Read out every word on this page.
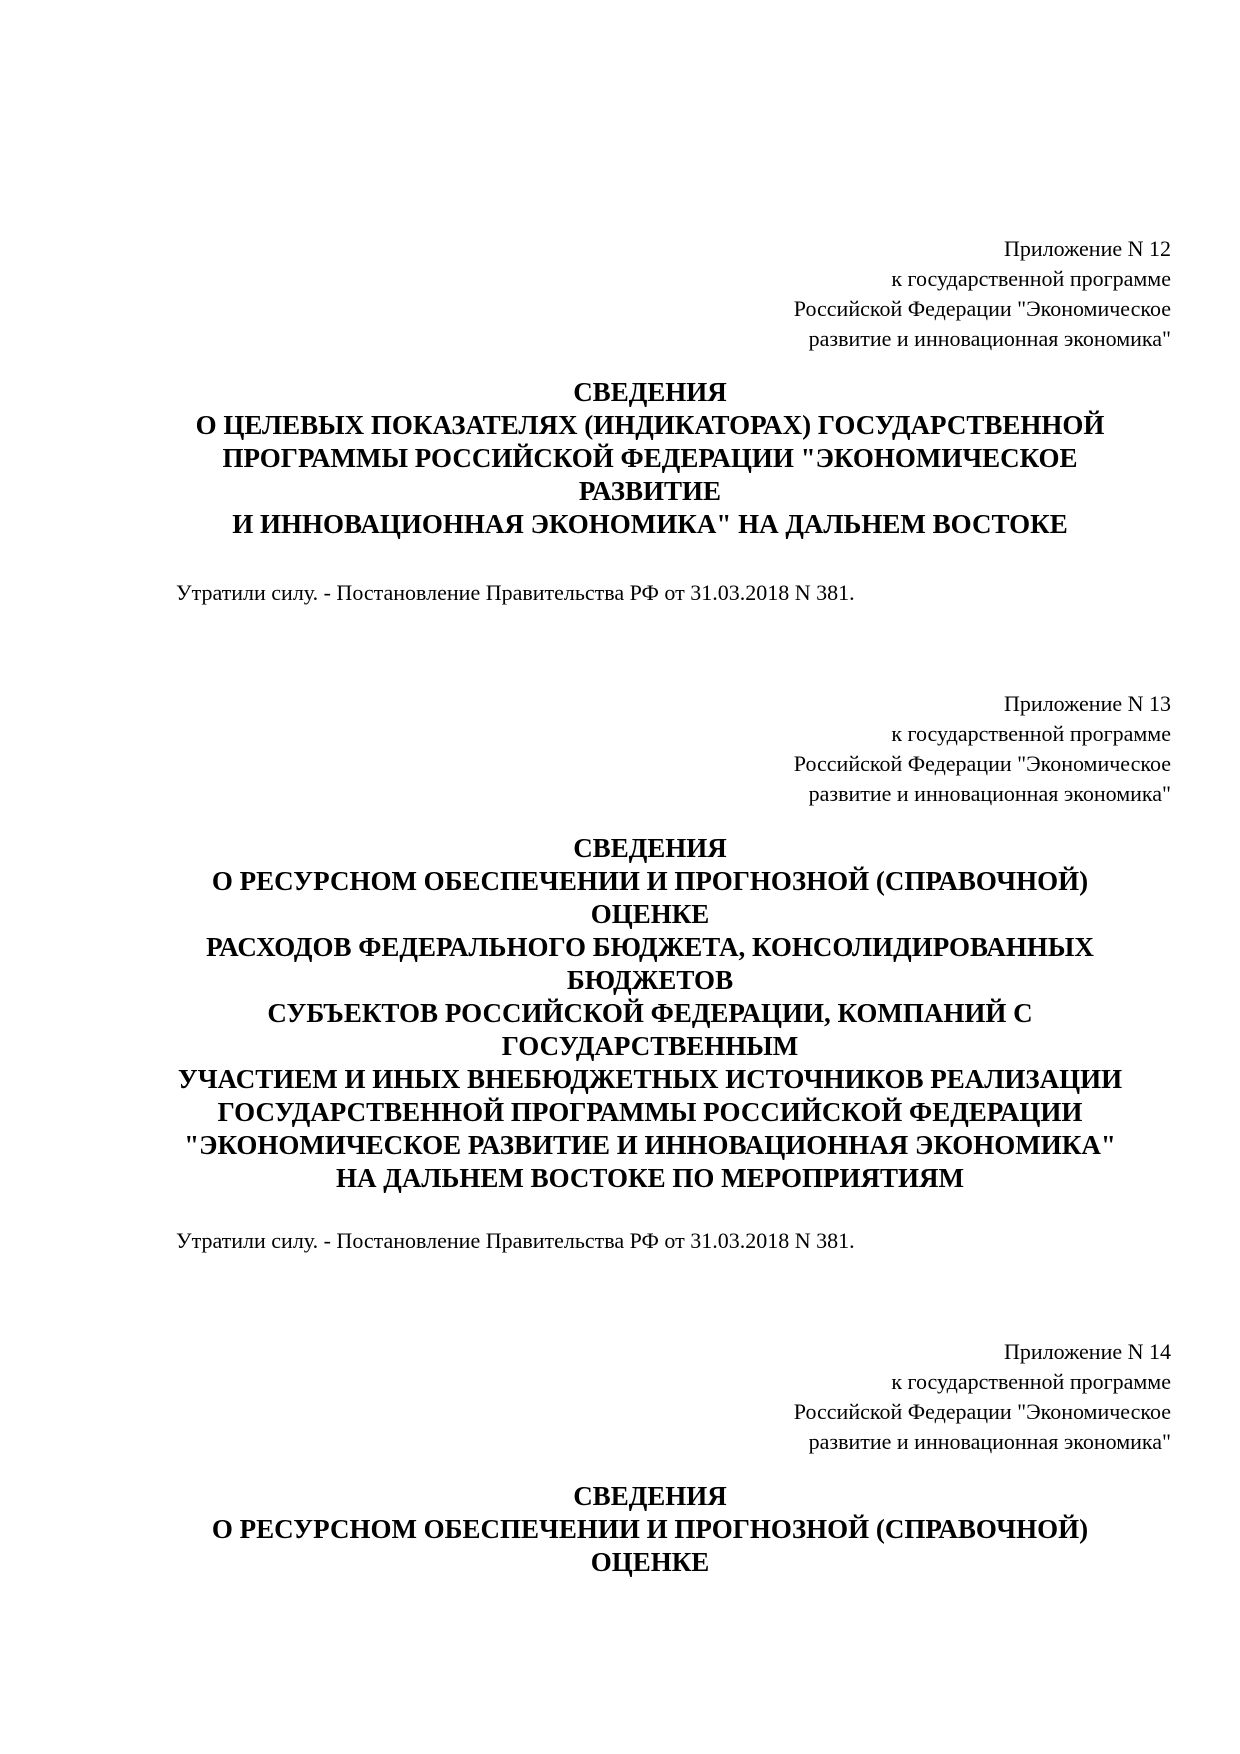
Приложение N 12
к государственной программе
Российской Федерации "Экономическое
развитие и инновационная экономика"
СВЕДЕНИЯ
О ЦЕЛЕВЫХ ПОКАЗАТЕЛЯХ (ИНДИКАТОРАХ) ГОСУДАРСТВЕННОЙ
ПРОГРАММЫ РОССИЙСКОЙ ФЕДЕРАЦИИ "ЭКОНОМИЧЕСКОЕ
РАЗВИТИЕ
И ИННОВАЦИОННАЯ ЭКОНОМИКА" НА ДАЛЬНЕМ ВОСТОКЕ
Утратили силу. - Постановление Правительства РФ от 31.03.2018 N 381.
Приложение N 13
к государственной программе
Российской Федерации "Экономическое
развитие и инновационная экономика"
СВЕДЕНИЯ
О РЕСУРСНОМ ОБЕСПЕЧЕНИИ И ПРОГНОЗНОЙ (СПРАВОЧНОЙ)
ОЦЕНКЕ
РАСХОДОВ ФЕДЕРАЛЬНОГО БЮДЖЕТА, КОНСОЛИДИРОВАННЫХ
БЮДЖЕТОВ
СУБЪЕКТОВ РОССИЙСКОЙ ФЕДЕРАЦИИ, КОМПАНИЙ С
ГОСУДАРСТВЕННЫМ
УЧАСТИЕМ И ИНЫХ ВНЕБЮДЖЕТНЫХ ИСТОЧНИКОВ РЕАЛИЗАЦИИ
ГОСУДАРСТВЕННОЙ ПРОГРАММЫ РОССИЙСКОЙ ФЕДЕРАЦИИ
"ЭКОНОМИЧЕСКОЕ РАЗВИТИЕ И ИННОВАЦИОННАЯ ЭКОНОМИКА"
НА ДАЛЬНЕМ ВОСТОКЕ ПО МЕРОПРИЯТИЯМ
Утратили силу. - Постановление Правительства РФ от 31.03.2018 N 381.
Приложение N 14
к государственной программе
Российской Федерации "Экономическое
развитие и инновационная экономика"
СВЕДЕНИЯ
О РЕСУРСНОМ ОБЕСПЕЧЕНИИ И ПРОГНОЗНОЙ (СПРАВОЧНОЙ)
ОЦЕНКЕ
